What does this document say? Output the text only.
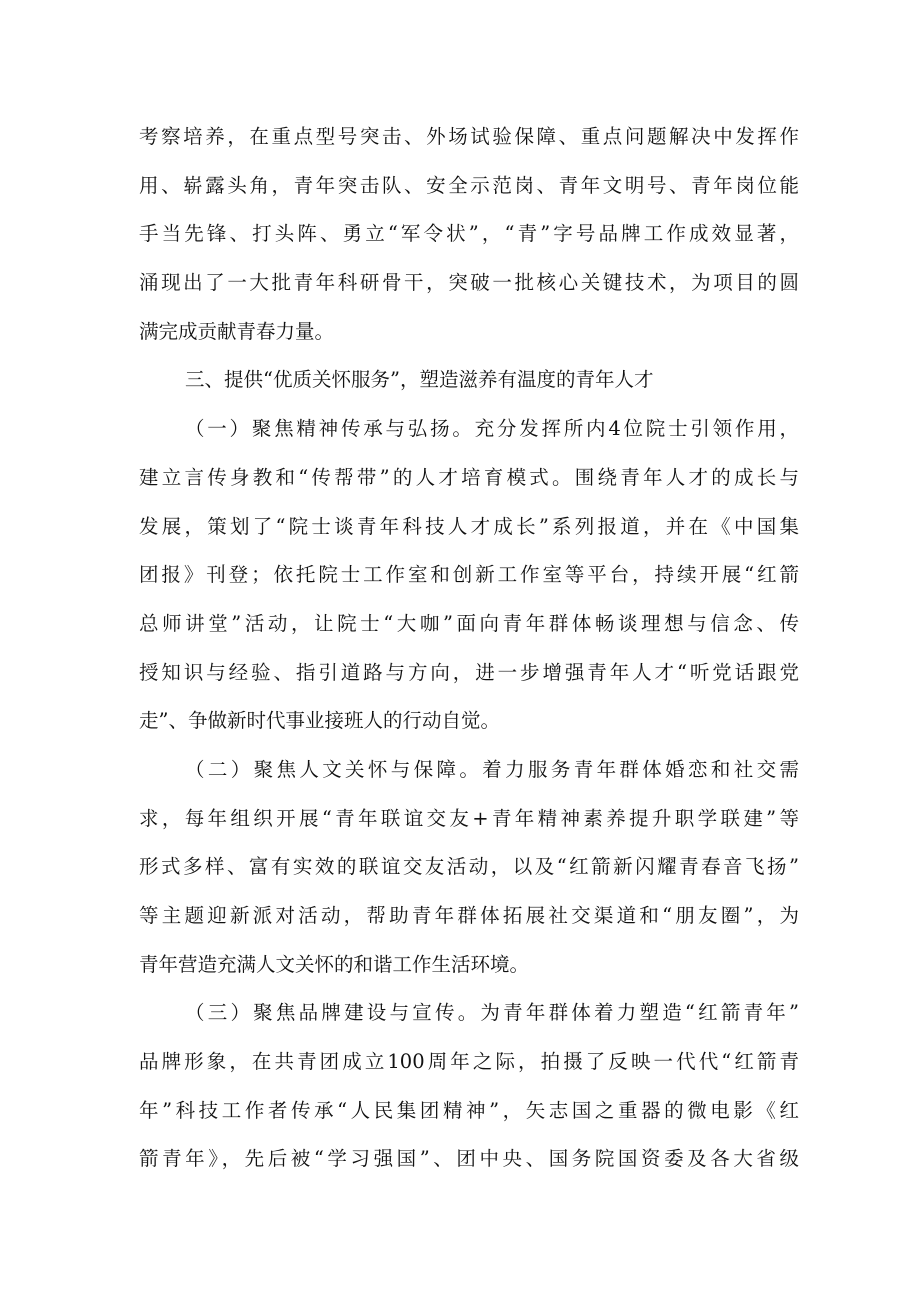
考察培养，在重点型号突击、外场试验保障、重点问题解决中发挥作
用、崭露头角，青年突击队、安全示范岗、青年文明号、青年岗位能
手当先锋、打头阵、勇立“军令状”，“青”字号品牌工作成效显著，
涌现出了一大批青年科研骨干，突破一批核心关键技术，为项目的圆
满完成贡献青春力量。
三、提供“优质关怀服务”，塑造滋养有温度的青年人才
（一）聚焦精神传承与弘扬。充分发挥所内4位院士引领作用，
建立言传身教和“传帮带”的人才培育模式。围绕青年人才的成长与
发展，策划了“院士谈青年科技人才成长”系列报道，并在《中国集
团报》刊登；依托院士工作室和创新工作室等平台，持续开展“红箭
总师讲堂”活动，让院士“大咖”面向青年群体畅谈理想与信念、传
授知识与经验、指引道路与方向，进一步增强青年人才“听党话跟党
走”、争做新时代事业接班人的行动自觉。
（二）聚焦人文关怀与保障。着力服务青年群体婚恋和社交需
求，每年组织开展“青年联谊交友+青年精神素养提升职学联建”等
形式多样、富有实效的联谊交友活动，以及“红箭新闪耀青春音飞扬”
等主题迎新派对活动，帮助青年群体拓展社交渠道和“朋友圈”，为
青年营造充满人文关怀的和谐工作生活环境。
（三）聚焦品牌建设与宣传。为青年群体着力塑造“红箭青年”
品牌形象，在共青团成立100周年之际，拍摄了反映一代代“红箭青
年”科技工作者传承“人民集团精神”，矢志国之重器的微电影《红
箭青年》，先后被“学习强国”、团中央、国务院国资委及各大省级
